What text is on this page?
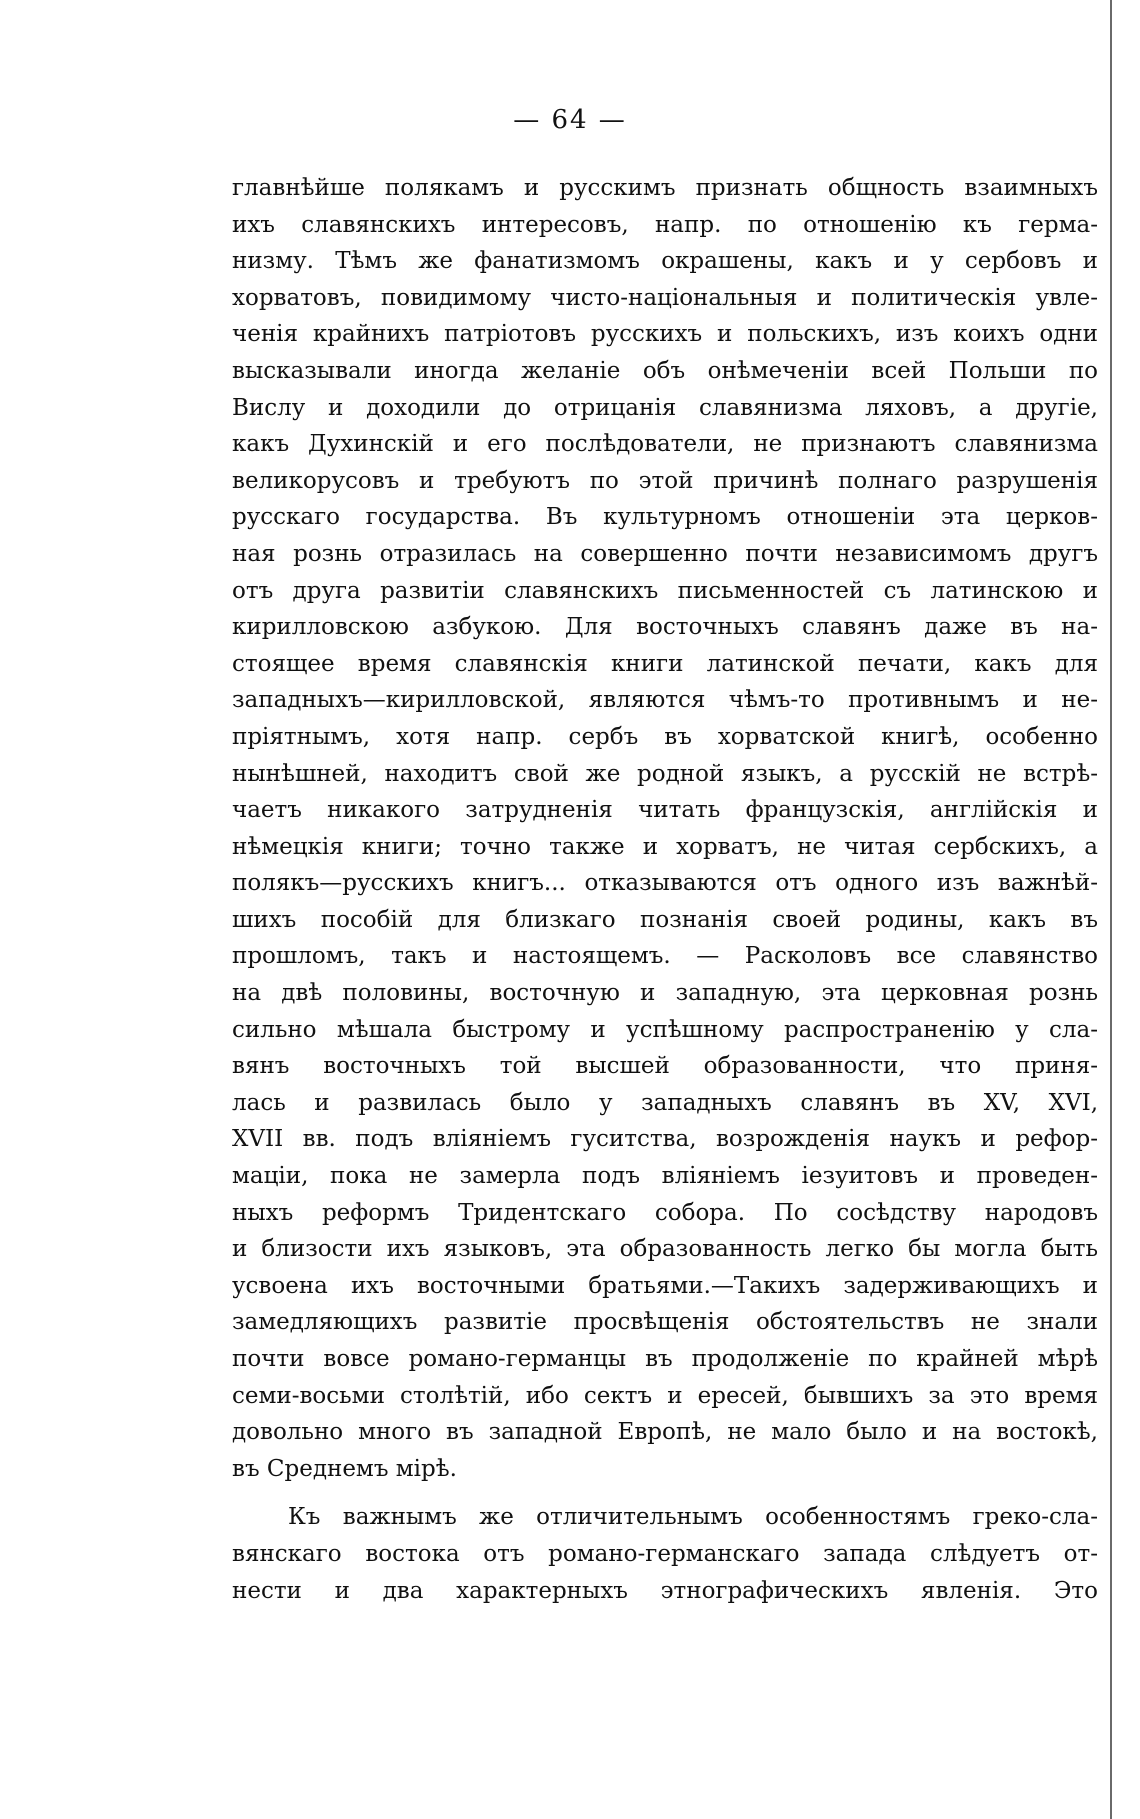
— 64 —
главнѣйше полякамъ и русскимъ признать общность взаимныхъ
ихъ славянскихъ интересовъ, напр. по отношенію къ герма-
низму. Тѣмъ же фанатизмомъ окрашены, какъ и у сербовъ и
хорватовъ, повидимому чисто-національныя и политическія увле-
ченія крайнихъ патріотовъ русскихъ и польскихъ, изъ коихъ одни
высказывали иногда желаніе объ онѣмеченіи всей Польши по
Вислу и доходили до отрицанія славянизма ляховъ, а другіе,
какъ Духинскій и его послѣдователи, не признаютъ славянизма
великорусовъ и требуютъ по этой причинѣ полнаго разрушенія
русскаго государства. Въ культурномъ отношеніи эта церков-
ная рознь отразилась на совершенно почти независимомъ другъ
отъ друга развитіи славянскихъ письменностей съ латинскою и
кирилловскою азбукою. Для восточныхъ славянъ даже въ на-
стоящее время славянскія книги латинской печати, какъ для
западныхъ—кирилловской, являются чѣмъ-то противнымъ и не-
пріятнымъ, хотя напр. сербъ въ хорватской книгѣ, особенно
нынѣшней, находитъ свой же родной языкъ, а русскій не встрѣ-
чаетъ никакого затрудненія читать французскія, англійскія и
нѣмецкія книги; точно также и хорватъ, не читая сербскихъ, а
полякъ—русскихъ книгъ... отказываются отъ одного изъ важнѣй-
шихъ пособій для близкаго познанія своей родины, какъ въ
прошломъ, такъ и настоящемъ. — Расколовъ все славянство
на двѣ половины, восточную и западную, эта церковная рознь
сильно мѣшала быстрому и успѣшному распространенію у сла-
вянъ восточныхъ той высшей образованности, что приня-
лась и развилась было у западныхъ славянъ въ XV, XVI,
XVII вв. подъ вліяніемъ гуситства, возрожденія наукъ и рефор-
маціи, пока не замерла подъ вліяніемъ іезуитовъ и проведен-
ныхъ реформъ Тридентскаго собора. По сосѣдству народовъ
и близости ихъ языковъ, эта образованность легко бы могла быть
усвоена ихъ восточными братьями.—Такихъ задерживающихъ и
замедляющихъ развитіе просвѣщенія обстоятельствъ не знали
почти вовсе романо-германцы въ продолженіе по крайней мѣрѣ
семи-восьми столѣтій, ибо сектъ и ересей, бывшихъ за это время
довольно много въ западной Европѣ, не мало было и на востокѣ,
въ Среднемъ мірѣ.
Къ важнымъ же отличительнымъ особенностямъ греко-сла-
вянскаго востока отъ романо-германскаго запада слѣдуетъ от-
нести и два характерныхъ этнографическихъ явленія. Это
